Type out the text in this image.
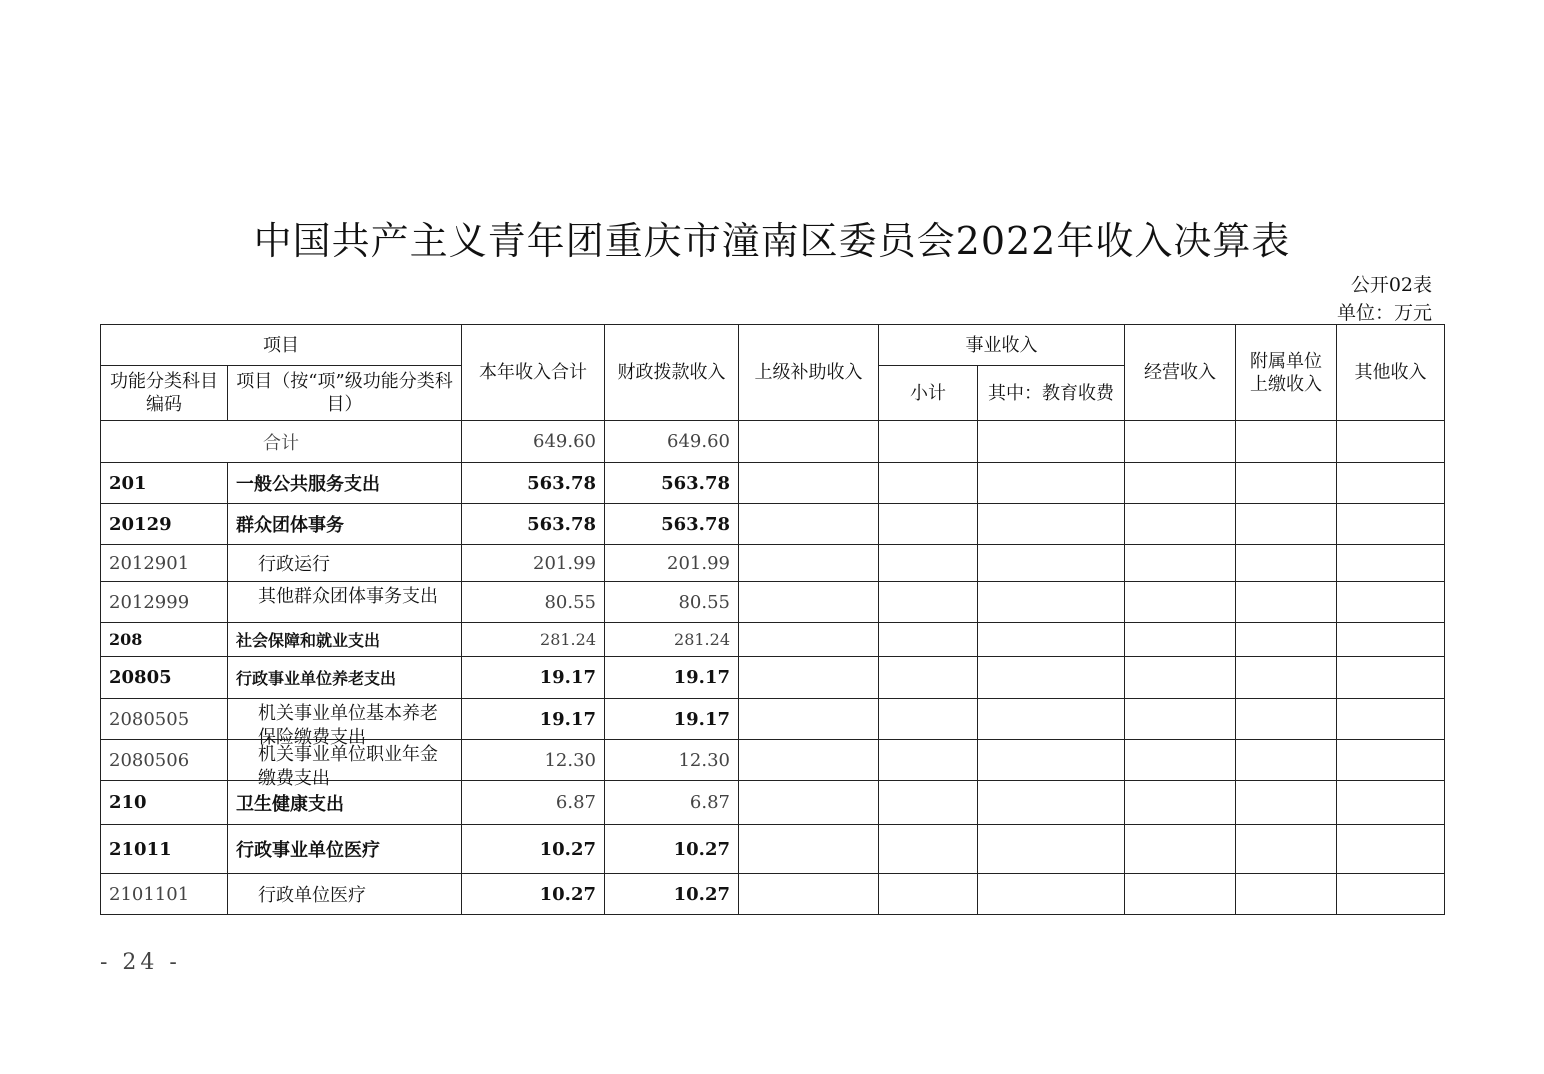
中国共产主义青年团重庆市潼南区委员会2022年收入决算表
公开02表
单位：万元
项目		本年收入合计	财政拨款收入	上级补助收入	事业收入		经营收入	附属单位上缴收入	其他收入
功能分类科目编码	项目（按“项”级功能分类科目）				小计	其中：教育收费			
合计		649.60	649.60						
201	一般公共服务支出	563.78	563.78						
20129	群众团体事务	563.78	563.78						
2012901	行政运行	201.99	201.99						
2012999	其他群众团体事务支出	80.55	80.55						
208	社会保障和就业支出	281.24	281.24						
20805	行政事业单位养老支出	19.17	19.17						
2080505	机关事业单位基本养老保险缴费支出	19.17	19.17						
2080506	机关事业单位职业年金缴费支出	12.30	12.30						
210	卫生健康支出	6.87	6.87						
21011	行政事业单位医疗	10.27	10.27						
2101101	行政单位医疗	10.27	10.27						
- 24 -
